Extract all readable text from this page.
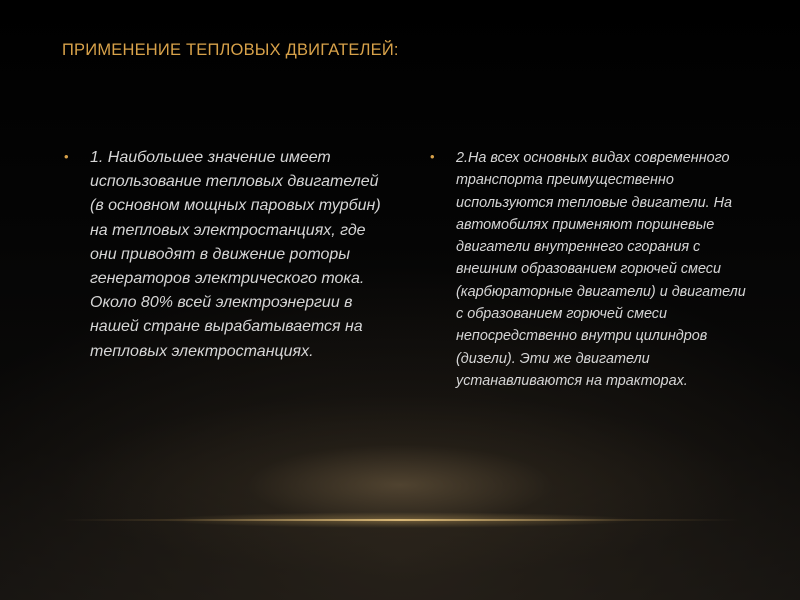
ПРИМЕНЕНИЕ ТЕПЛОВЫХ ДВИГАТЕЛЕЙ:
• 1. Наибольшее значение имеет использование тепловых двигателей (в основном мощных паровых турбин) на тепловых электростанциях, где они приводят в движение роторы генераторов электрического тока. Около 80% всей электроэнергии в нашей стране вырабатывается на тепловых электростанциях.

• 2.На всех основных видах современного транспорта преимущественно используются тепловые двигатели. На автомобилях применяют поршневые двигатели внутреннего сгорания с внешним образованием горючей смеси (карбюраторные двигатели) и двигатели с образованием горючей смеси непосредственно внутри цилиндров (дизели). Эти же двигатели устанавливаются на тракторах.
